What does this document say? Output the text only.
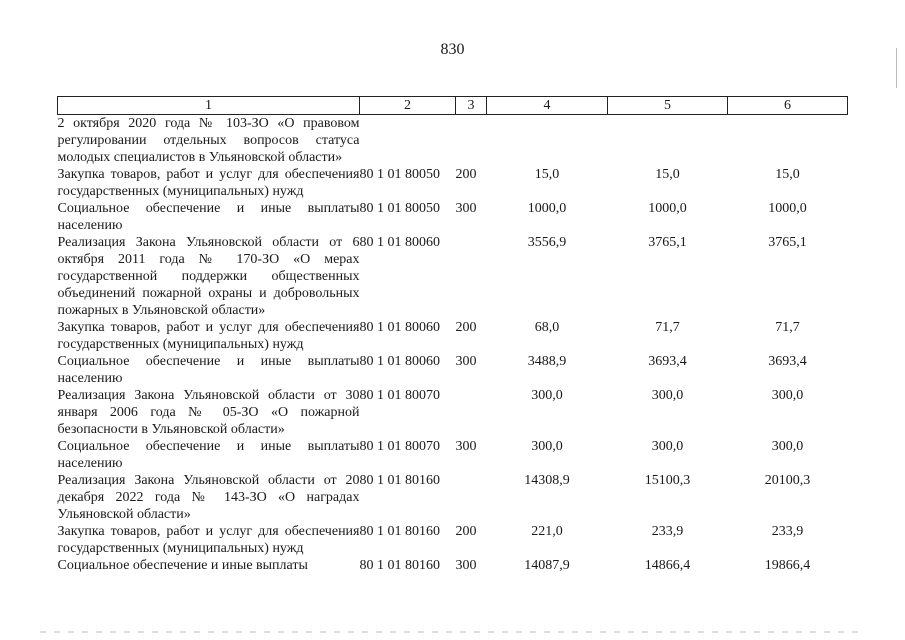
830
1	2	3	4	5	6
2 октября 2020 года № 103-ЗО «О правовом регулировании отдельных вопросов статуса молодых специалистов в Ульяновской области»					
Закупка товаров, работ и услуг для обеспечения государственных (муниципальных) нужд	80 1 01 80050	200	15,0	15,0	15,0
Социальное обеспечение и иные выплаты населению	80 1 01 80050	300	1000,0	1000,0	1000,0
Реализация Закона Ульяновской области от 6 октября 2011 года № 170-ЗО «О мерах государственной поддержки общественных объединений пожарной охраны и добровольных пожарных в Ульяновской области»	80 1 01 80060		3556,9	3765,1	3765,1
Закупка товаров, работ и услуг для обеспечения государственных (муниципальных) нужд	80 1 01 80060	200	68,0	71,7	71,7
Социальное обеспечение и иные выплаты населению	80 1 01 80060	300	3488,9	3693,4	3693,4
Реализация Закона Ульяновской области от 30 января 2006 года № 05-ЗО «О пожарной безопасности в Ульяновской области»	80 1 01 80070		300,0	300,0	300,0
Социальное обеспечение и иные выплаты населению	80 1 01 80070	300	300,0	300,0	300,0
Реализация Закона Ульяновской области от 20 декабря 2022 года № 143-ЗО «О наградах Ульяновской области»	80 1 01 80160		14308,9	15100,3	20100,3
Закупка товаров, работ и услуг для обеспечения государственных (муниципальных) нужд	80 1 01 80160	200	221,0	233,9	233,9
Социальное обеспечение и иные выплаты	80 1 01 80160	300	14087,9	14866,4	19866,4
